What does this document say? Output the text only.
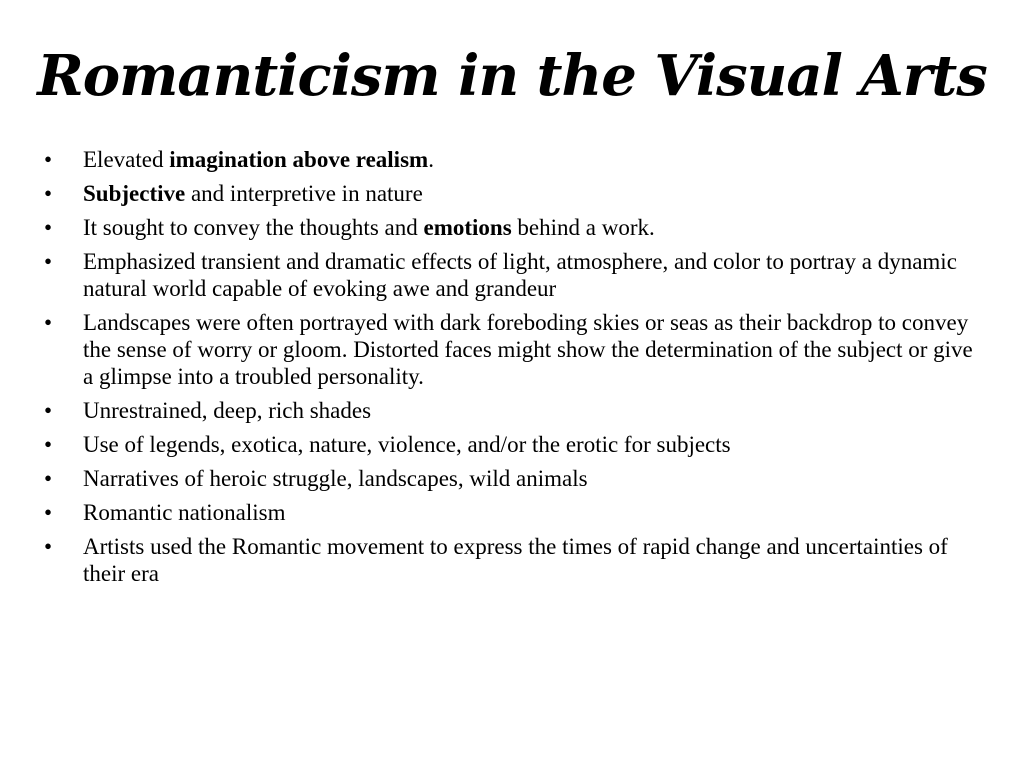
Romanticism in the Visual Arts
• Elevated imagination above realism.
• Subjective and interpretive in nature
• It sought to convey the thoughts and emotions behind a work.
• Emphasized transient and dramatic effects of light, atmosphere, and color to portray a dynamic natural world capable of evoking awe and grandeur
• Landscapes were often portrayed with dark foreboding skies or seas as their backdrop to convey the sense of worry or gloom. Distorted faces might show the determination of the subject or give a glimpse into a troubled personality.
• Unrestrained, deep, rich shades
• Use of legends, exotica, nature, violence, and/or the erotic for subjects
• Narratives of heroic struggle, landscapes, wild animals
• Romantic nationalism
• Artists used the Romantic movement to express the times of rapid change and uncertainties of their era
